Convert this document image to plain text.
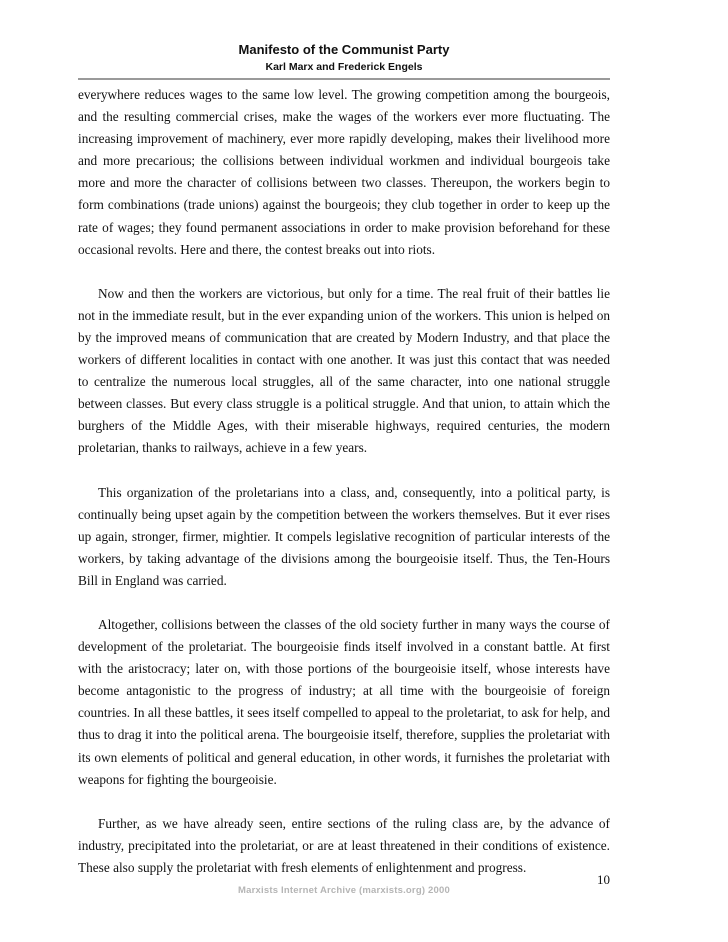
Manifesto of the Communist Party
Karl Marx and Frederick Engels

everywhere reduces wages to the same low level. The growing competition among the bourgeois, and the resulting commercial crises, make the wages of the workers ever more fluctuating. The increasing improvement of machinery, ever more rapidly developing, makes their livelihood more and more precarious; the collisions between individual workmen and individual bourgeois take more and more the character of collisions between two classes. Thereupon, the workers begin to form combinations (trade unions) against the bourgeois; they club together in order to keep up the rate of wages; they found permanent associations in order to make provision beforehand for these occasional revolts. Here and there, the contest breaks out into riots.

Now and then the workers are victorious, but only for a time. The real fruit of their battles lie not in the immediate result, but in the ever expanding union of the workers. This union is helped on by the improved means of communication that are created by Modern Industry, and that place the workers of different localities in contact with one another. It was just this contact that was needed to centralize the numerous local struggles, all of the same character, into one national struggle between classes. But every class struggle is a political struggle. And that union, to attain which the burghers of the Middle Ages, with their miserable highways, required centuries, the modern proletarian, thanks to railways, achieve in a few years.

This organization of the proletarians into a class, and, consequently, into a political party, is continually being upset again by the competition between the workers themselves. But it ever rises up again, stronger, firmer, mightier. It compels legislative recognition of particular interests of the workers, by taking advantage of the divisions among the bourgeoisie itself. Thus, the Ten-Hours Bill in England was carried.

Altogether, collisions between the classes of the old society further in many ways the course of development of the proletariat. The bourgeoisie finds itself involved in a constant battle. At first with the aristocracy; later on, with those portions of the bourgeoisie itself, whose interests have become antagonistic to the progress of industry; at all time with the bourgeoisie of foreign countries. In all these battles, it sees itself compelled to appeal to the proletariat, to ask for help, and thus to drag it into the political arena. The bourgeoisie itself, therefore, supplies the proletariat with its own elements of political and general education, in other words, it furnishes the proletariat with weapons for fighting the bourgeoisie.

Further, as we have already seen, entire sections of the ruling class are, by the advance of industry, precipitated into the proletariat, or are at least threatened in their conditions of existence. These also supply the proletariat with fresh elements of enlightenment and progress.

10
Marxists Internet Archive (marxists.org) 2000
